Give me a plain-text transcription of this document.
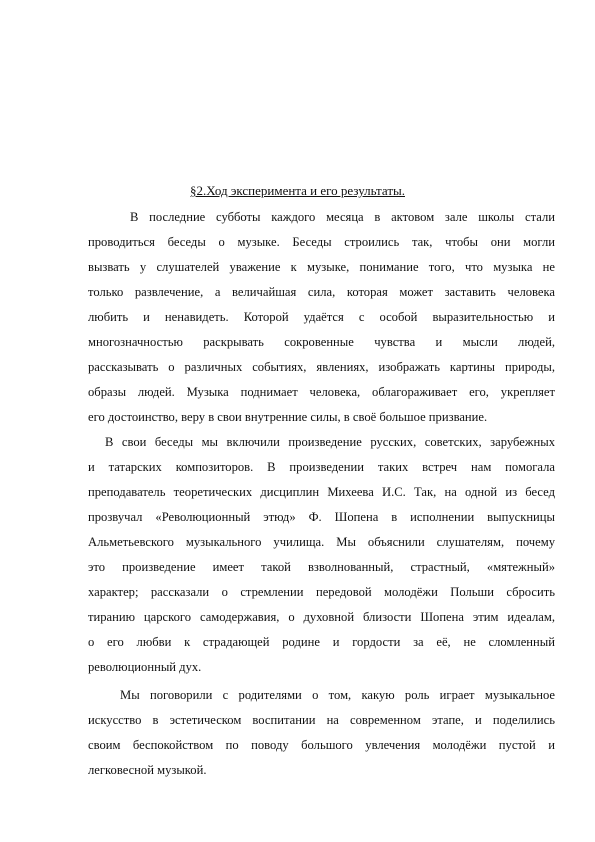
§2.Ход эксперимента и его результаты.
В последние субботы каждого месяца в актовом зале школы стали
проводиться беседы о музыке. Беседы строились так, чтобы они могли
вызвать у слушателей уважение к музыке, понимание того, что музыка не
только развлечение, а величайшая сила, которая может заставить человека
любить и ненавидеть. Которой удаётся с особой выразительностью и
многозначностью раскрывать сокровенные чувства и мысли людей,
рассказывать о различных событиях, явлениях, изображать картины природы,
образы людей. Музыка поднимает человека, облагораживает его, укрепляет
его достоинство, веру в свои внутренние силы, в своё большое призвание.
В свои беседы мы включили произведение русских, советских, зарубежных
и татарских композиторов. В произведении таких встреч нам помогала
преподаватель теоретических дисциплин Михеева И.С. Так, на одной из бесед
прозвучал «Революционный этюд» Ф. Шопена в исполнении выпускницы
Альметьевского музыкального училища. Мы объяснили слушателям, почему
это произведение имеет такой взволнованный, страстный, «мятежный»
характер; рассказали о стремлении передовой молодёжи Польши сбросить
тиранию царского самодержавия, о духовной близости Шопена этим идеалам,
о его любви к страдающей родине и гордости за её, не сломленный
революционный дух.
Мы поговорили с родителями о том, какую роль играет музыкальное
искусство в эстетическом воспитании на современном этапе, и поделились
своим беспокойством по поводу большого увлечения молодёжи пустой и
легковесной музыкой.
